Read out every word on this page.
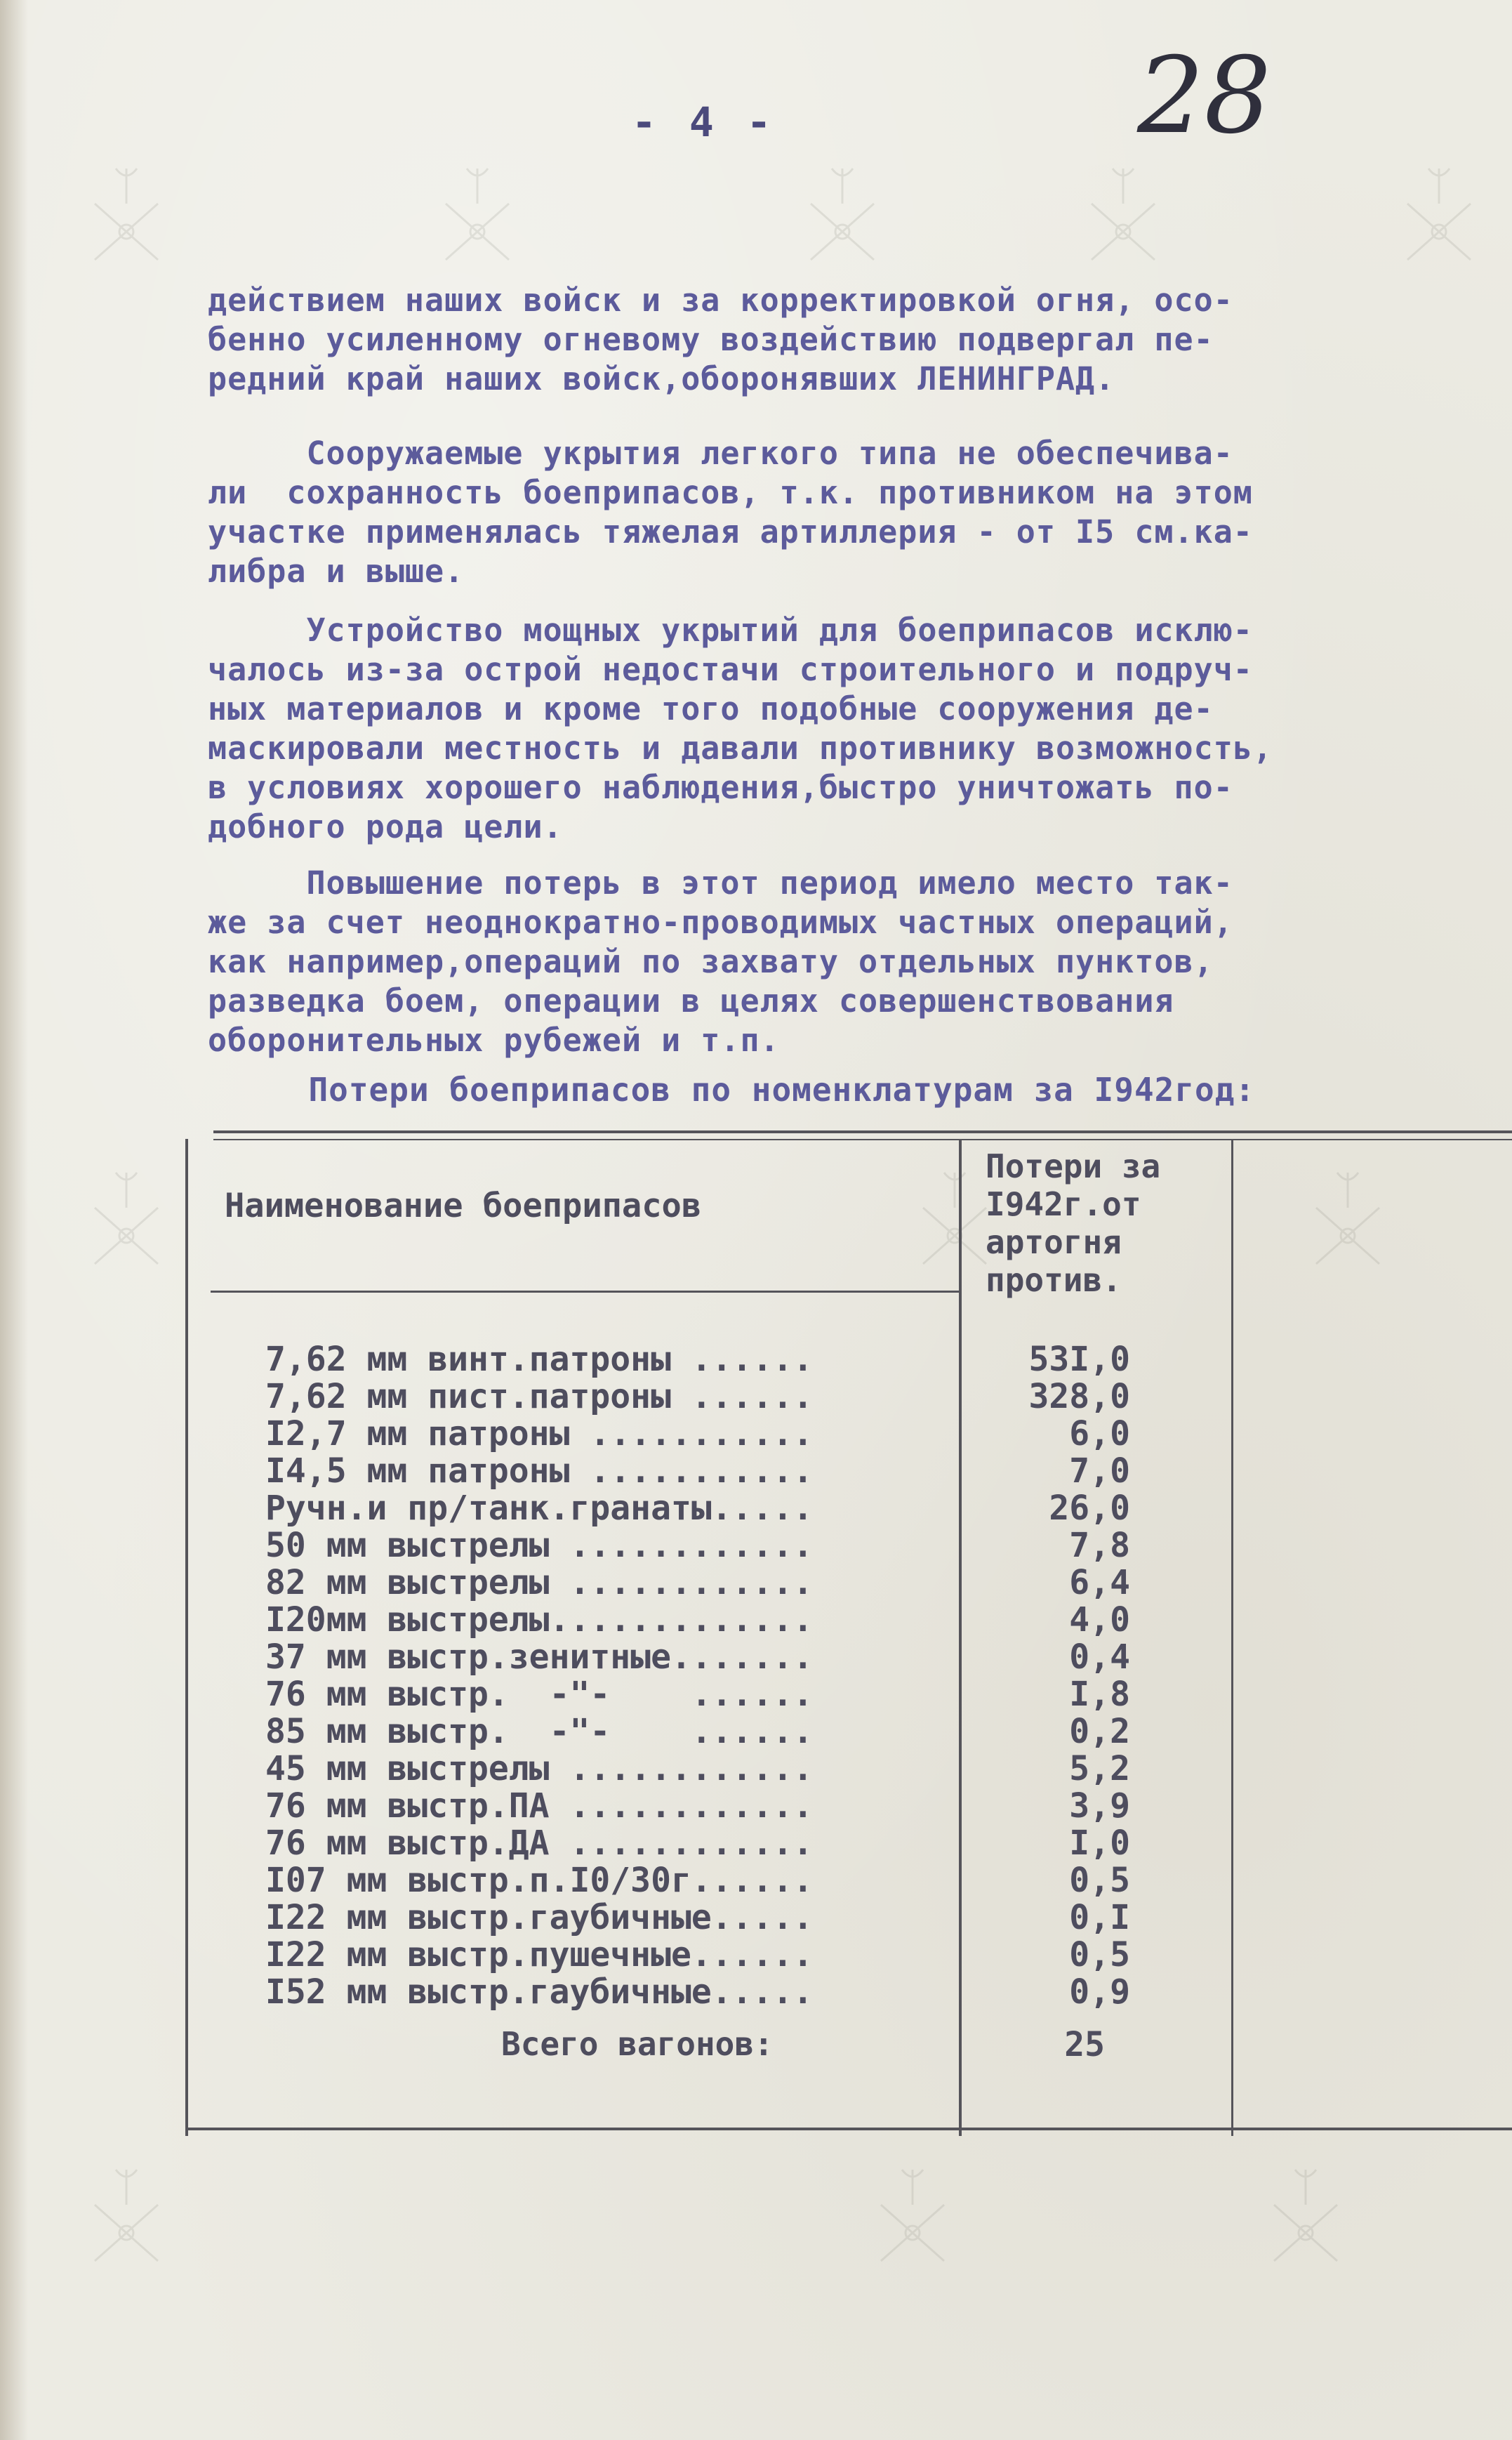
- 4 -	28
действием наших войск и за корректировкой огня, осо-
бенно усиленному огневому воздействию подвергал пе-
редний край наших войск,оборонявших ЛЕНИНГРАД.
Сооружаемые укрытия легкого типа не обеспечива-
ли  сохранность боеприпасов, т.к. противником на этом
участке применялась тяжелая артиллерия - от I5 см.ка-
либра и выше.
Устройство мощных укрытий для боеприпасов исклю-
чалось из-за острой недостачи строительного и подруч-
ных материалов и кроме того подобные сооружения де-
маскировали местность и давали противнику возможность,
в условиях хорошего наблюдения,быстро уничтожать по-
добного рода цели.
Повышение потерь в этот период имело место так-
же за счет неоднократно-проводимых частных операций,
как например,операций по захвату отдельных пунктов,
разведка боем, операции в целях совершенствования
оборонительных рубежей и т.п.
Потери боеприпасов по номенклатурам за I942год:
Наименование боеприпасов
Потери за
I942г.от
артогня
против.
7,62 мм винт.патроны ......	53I,0
7,62 мм пист.патроны ......	328,0
I2,7 мм патроны ...........	6,0
I4,5 мм патроны ...........	7,0
Ручн.и пр/танк.гранаты.....	26,0
50 мм выстрелы ............	7,8
82 мм выстрелы ............	6,4
I20мм выстрелы.............	4,0
37 мм выстр.зенитные.......	0,4
76 мм выстр.  -"-    ......	I,8
85 мм выстр.  -"-    ......	0,2
45 мм выстрелы ............	5,2
76 мм выстр.ПА ............	3,9
76 мм выстр.ДА ............	I,0
I07 мм выстр.п.I0/30г......	0,5
I22 мм выстр.гаубичные.....	0,I
I22 мм выстр.пушечные......	0,5
I52 мм выстр.гаубичные.....	0,9
Всего вагонов:	25
